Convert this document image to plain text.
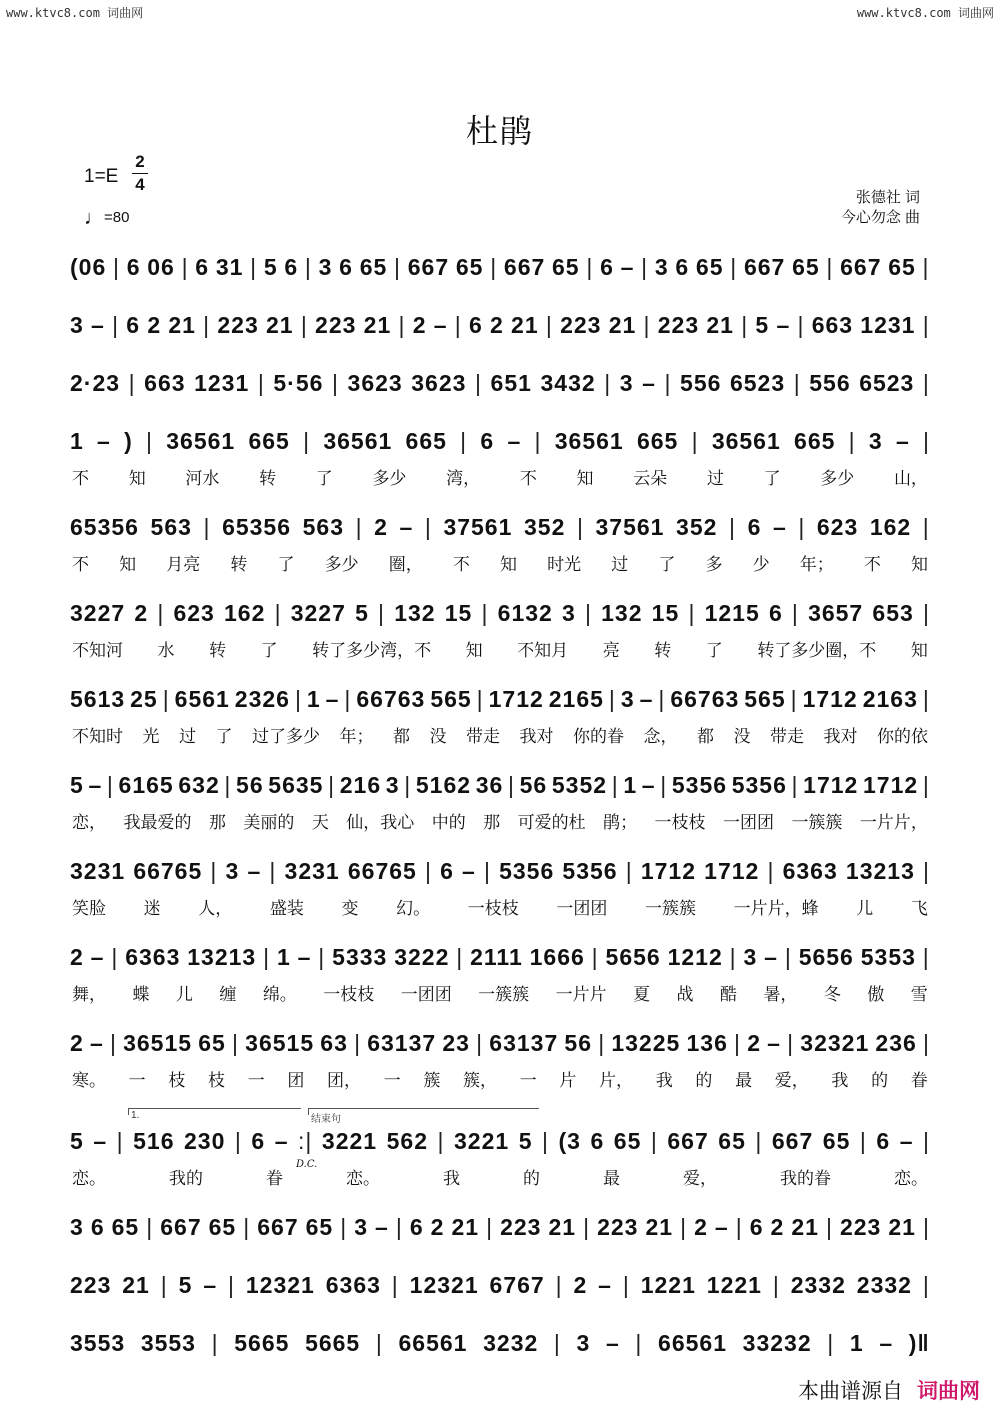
www.ktvc8.com 词曲网	www.ktvc8.com 词曲网
杜鹃
1=E
2
4
♩=80
张德社 词
今心勿念 曲
(06 | 6 06 | 6 31 | 5 6 | 3 6 65 | 667 65 | 667 65 | 6 – | 3 6 65 | 667 65 | 667 65 |
3 – | 6 2 21 | 223 21 | 223 21 | 2 – | 6 2 21 | 223 21 | 223 21 | 5 – | 663 1231 |
2·23 | 663 1231 | 5·56 | 3623 3623 | 651 3432 | 3 – | 556 6523 | 556 6523 |
1 – ) | 36561 665 | 36561 665 | 6 – | 36561 665 | 36561 665 | 3 – |
不 知 河水 转 了 多少 湾， 不 知 云朵 过 了 多少 山，
65356 563 | 65356 563 | 2 – | 37561 352 | 37561 352 | 6 – | 623 162 |
不 知 月亮 转 了 多少 圈， 不 知 时光 过 了 多 少 年； 不 知
3227 2 | 623 162 | 3227 5 | 132 15 | 6132 3 | 132 15 | 1215 6 | 3657 653 |
不知河 水 转 了 转了多少湾，不 知 不知月 亮 转 了 转了多少圈，不 知
5613 25 | 6561 2326 | 1 – | 66763 565 | 1712 2165 | 3 – | 66763 565 | 1712 2163 |
不知时 光 过 了 过了多少 年； 都 没 带走 我对 你的眷 念， 都 没 带走 我对 你的依
5 – | 6165 632 | 56 5635 | 216 3 | 5162 36 | 56 5352 | 1 – | 5356 5356 | 1712 1712 |
恋， 我最爱的 那 美丽的 天 仙，我心 中的 那 可爱的杜 鹃； 一枝枝 一团团 一簇簇 一片片，
3231 66765 | 3 – | 3231 66765 | 6 – | 5356 5356 | 1712 1712 | 6363 13213 |
笑脸 迷 人， 盛装 变 幻。 一枝枝 一团团 一簇簇 一片片，蜂 儿 飞
2 – | 6363 13213 | 1 – | 5333 3222 | 2111 1666 | 5656 1212 | 3 – | 5656 5353 |
舞， 蝶 儿 缠 绵。 一枝枝 一团团 一簇簇 一片片 夏 战 酷 暑， 冬 傲 雪
2 – | 36515 65 | 36515 63 | 63137 23 | 63137 56 | 13225 136 | 2 – | 32321 236 |
寒。 一 枝 枝 一 团 团， 一 簇 簇， 一 片 片， 我 的 最 爱， 我 的 眷
5 – | 516 230 | 6 – :| 3221 562 | 3221 5 | (3 6 65 | 667 65 | 667 65 | 6 – |
恋。	我的	眷	恋。	我	的	最	爱，	我的眷	恋。
3 6 65 | 667 65 | 667 65 | 3 – | 6 2 21 | 223 21 | 223 21 | 2 – | 6 2 21 | 223 21 |
223 21 | 5 – | 12321 6363 | 12321 6767 | 2 – | 1221 1221 | 2332 2332 |
3553 3553 | 5665 5665 | 66561 3232 | 3 – | 66561 33232 | 1 – )‖
1.	结束句
D.C.
本曲谱源自 词曲网
